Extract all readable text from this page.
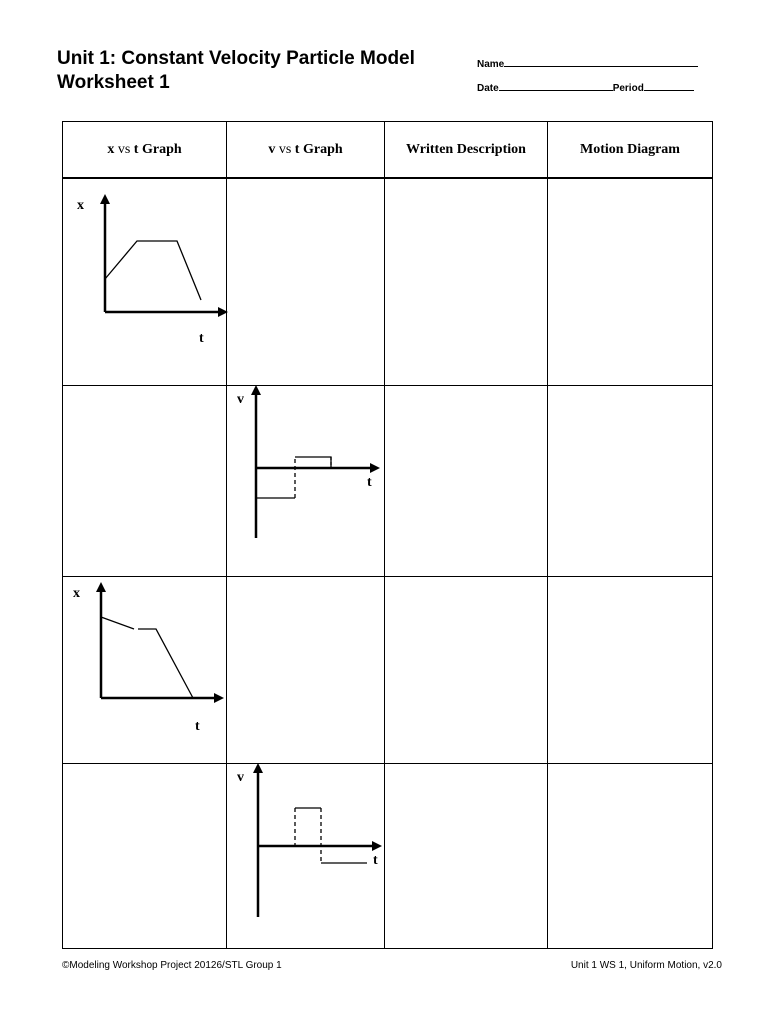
Unit 1: Constant Velocity Particle Model
Worksheet 1
Name
Date	Period
x vs t Graph	v vs t Graph	Written Description	Motion Diagram

x
t			

v
t		

x
t			

v
t		

©Modeling Workshop Project 20126/STL Group 1	Unit 1 WS 1, Uniform Motion, v2.0
